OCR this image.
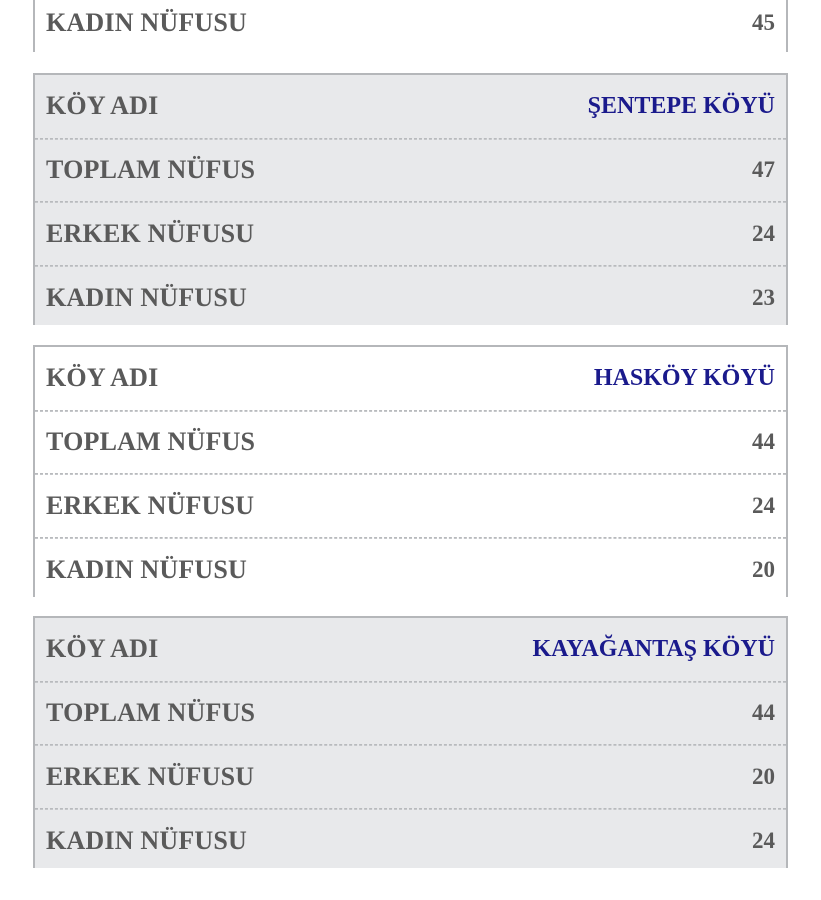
KADIN NÜFUSU	45
KÖY ADI	ŞENTEPE KÖYÜ
TOPLAM NÜFUS	47
ERKEK NÜFUSU	24
KADIN NÜFUSU	23
KÖY ADI	HASKÖY KÖYÜ
TOPLAM NÜFUS	44
ERKEK NÜFUSU	24
KADIN NÜFUSU	20
KÖY ADI	KAYAĞANTAŞ KÖYÜ
TOPLAM NÜFUS	44
ERKEK NÜFUSU	20
KADIN NÜFUSU	24
